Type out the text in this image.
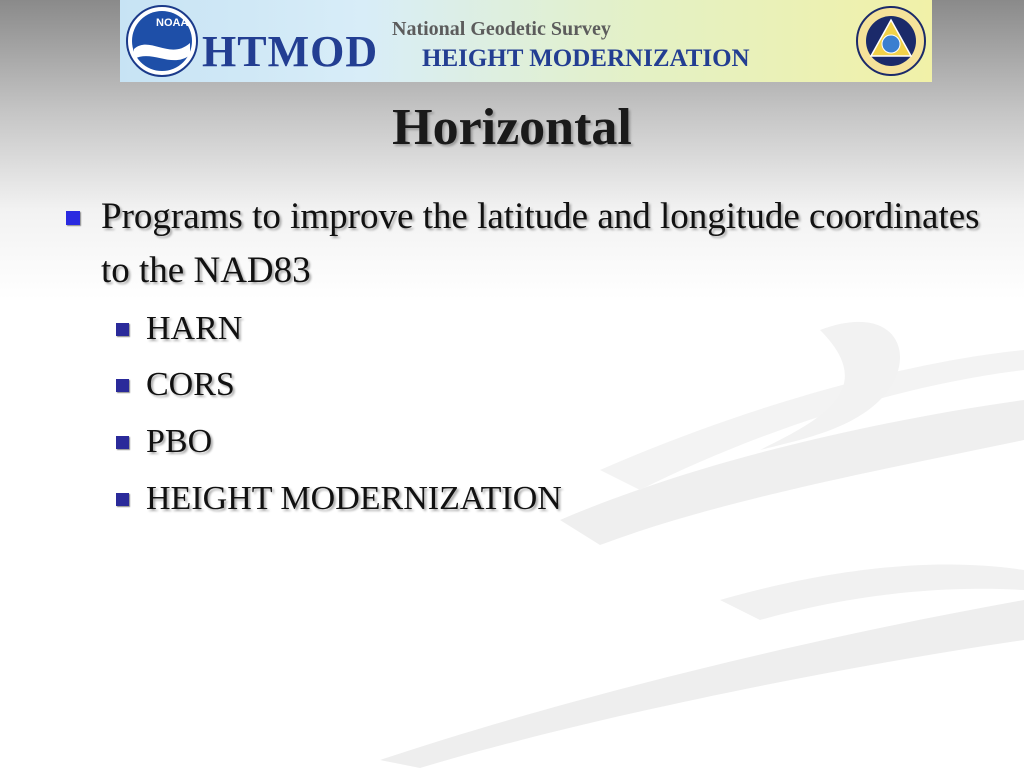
NOAA
HTMOD National Geodetic Survey
HEIGHT MODERNIZATION
Horizontal
Programs to improve the latitude and longitude coordinates to the NAD83
HARN
CORS
PBO
HEIGHT MODERNIZATION
